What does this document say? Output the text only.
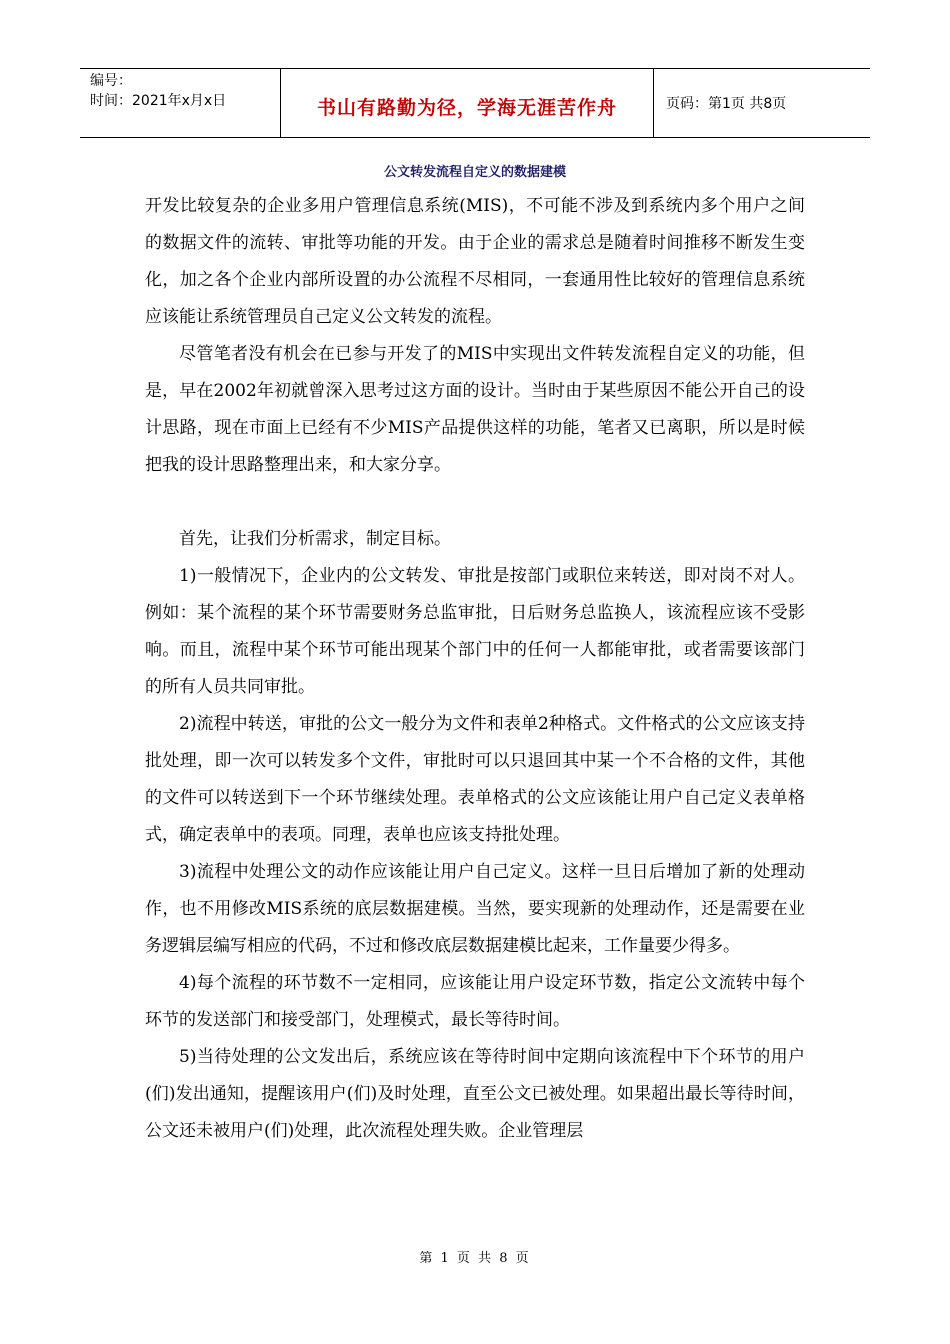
编号：
时间：2021年x月x日	书山有路勤为径，学海无涯苦作舟	页码：第1页 共8页
公文转发流程自定义的数据建模

开发比较复杂的企业多用户管理信息系统(MIS)，不可能不涉及到系统内多个用户之间的数据文件的流转、审批等功能的开发。由于企业的需求总是随着时间推移不断发生变化，加之各个企业内部所设置的办公流程不尽相同，一套通用性比较好的管理信息系统应该能让系统管理员自己定义公文转发的流程。

尽管笔者没有机会在已参与开发了的MIS中实现出文件转发流程自定义的功能，但是，早在2002年初就曾深入思考过这方面的设计。当时由于某些原因不能公开自己的设计思路，现在市面上已经有不少MIS产品提供这样的功能，笔者又已离职，所以是时候把我的设计思路整理出来，和大家分享。

首先，让我们分析需求，制定目标。

1)一般情况下，企业内的公文转发、审批是按部门或职位来转送，即对岗不对人。例如：某个流程的某个环节需要财务总监审批，日后财务总监换人，该流程应该不受影响。而且，流程中某个环节可能出现某个部门中的任何一人都能审批，或者需要该部门的所有人员共同审批。

2)流程中转送，审批的公文一般分为文件和表单2种格式。文件格式的公文应该支持批处理，即一次可以转发多个文件，审批时可以只退回其中某一个不合格的文件，其他的文件可以转送到下一个环节继续处理。表单格式的公文应该能让用户自己定义表单格式，确定表单中的表项。同理，表单也应该支持批处理。

3)流程中处理公文的动作应该能让用户自己定义。这样一旦日后增加了新的处理动作，也不用修改MIS系统的底层数据建模。当然，要实现新的处理动作，还是需要在业务逻辑层编写相应的代码，不过和修改底层数据建模比起来，工作量要少得多。

4)每个流程的环节数不一定相同，应该能让用户设定环节数，指定公文流转中每个环节的发送部门和接受部门，处理模式，最长等待时间。

5)当待处理的公文发出后，系统应该在等待时间中定期向该流程中下个环节的用户(们)发出通知，提醒该用户(们)及时处理，直至公文已被处理。如果超出最长等待时间，公文还未被用户(们)处理，此次流程处理失败。企业管理层

第 1 页 共 8 页
